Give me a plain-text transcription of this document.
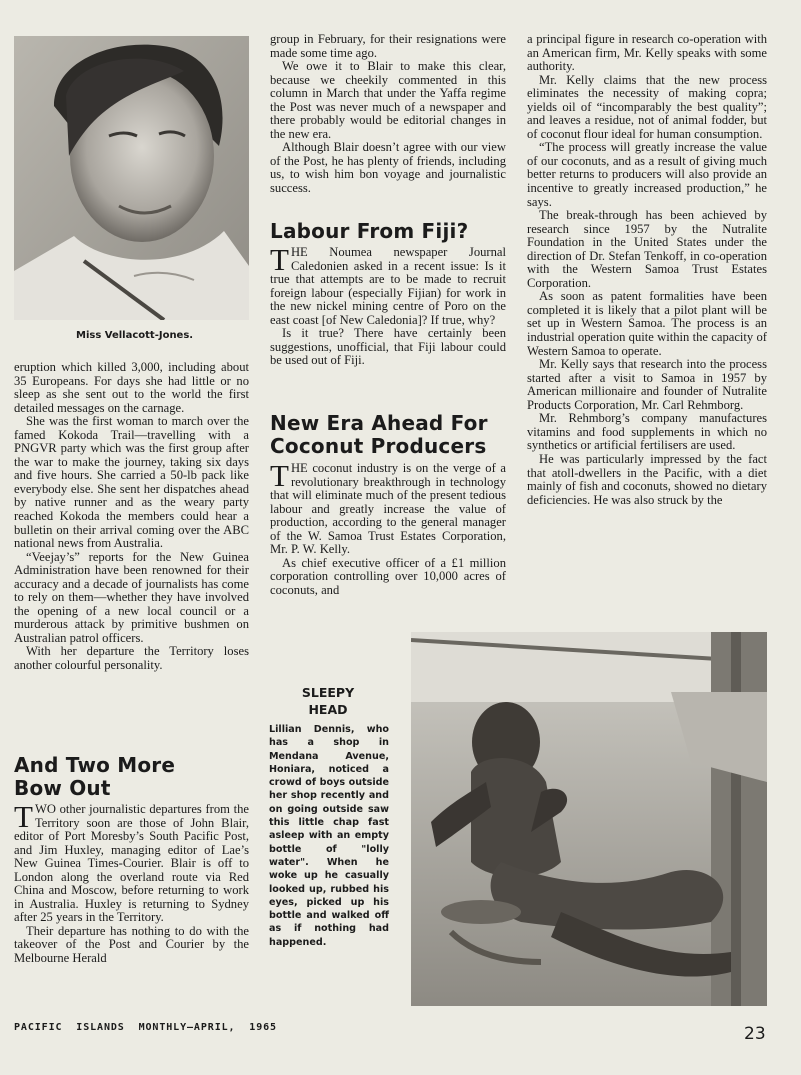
Miss Vellacott-Jones.

eruption which killed 3,000, including about 35 Europeans. For days she had little or no sleep as she sent out to the world the first detailed messages on the carnage.

She was the first woman to march over the famed Kokoda Trail—travelling with a PNGVR party which was the first group after the war to make the journey, taking six days and five hours. She carried a 50-lb pack like everybody else. She sent her dispatches ahead by native runner and as the weary party reached Kokoda the members could hear a bulletin on their arrival coming over the ABC national news from Australia.

“Veejay’s” reports for the New Guinea Administration have been renowned for their accuracy and a decade of journalists has come to rely on them—whether they have involved the opening of a new local council or a murderous attack by primitive bushmen on Australian patrol officers.

With her departure the Territory loses another colourful personality.

And Two More
Bow Out

TWO other journalistic departures from the Territory soon are those of John Blair, editor of Port Moresby’s South Pacific Post, and Jim Huxley, managing editor of Lae’s New Guinea Times-Courier. Blair is off to London along the overland route via Red China and Moscow, before returning to work in Australia. Huxley is returning to Sydney after 25 years in the Territory.

Their departure has nothing to do with the takeover of the Post and Courier by the Melbourne Herald

group in February, for their resignations were made some time ago.

We owe it to Blair to make this clear, because we cheekily commented in this column in March that under the Yaffa regime the Post was never much of a newspaper and there probably would be editorial changes in the new era.

Although Blair doesn’t agree with our view of the Post, he has plenty of friends, including us, to wish him bon voyage and journalistic success.

Labour From Fiji?

THE Noumea newspaper Journal Caledonien asked in a recent issue: Is it true that attempts are to be made to recruit foreign labour (especially Fijian) for work in the new nickel mining centre of Poro on the east coast [of New Caledonia]? If true, why?

Is it true? There have certainly been suggestions, unofficial, that Fiji labour could be used out of Fiji.

New Era Ahead For
Coconut Producers

THE coconut industry is on the verge of a revolutionary breakthrough in technology that will eliminate much of the present tedious labour and greatly increase the value of production, according to the general manager of the W. Samoa Trust Estates Corporation, Mr. P. W. Kelly.

As chief executive officer of a £1 million corporation controlling over 10,000 acres of coconuts, and

a principal figure in research co-operation with an American firm, Mr. Kelly speaks with some authority.

Mr. Kelly claims that the new process eliminates the necessity of making copra; yields oil of “incomparably the best quality”; and leaves a residue, not of animal fodder, but of coconut flour ideal for human consumption.

“The process will greatly increase the value of our coconuts, and as a result of giving much better returns to producers will also provide an incentive to greatly increased production,” he says.

The break-through has been achieved by research since 1957 by the Nutralite Foundation in the United States under the direction of Dr. Stefan Tenkoff, in co-operation with the Western Samoa Trust Estates Corporation.

As soon as patent formalities have been completed it is likely that a pilot plant will be set up in Western Samoa. The process is an industrial operation quite within the capacity of Western Samoa to operate.

Mr. Kelly says that research into the process started after a visit to Samoa in 1957 by American millionaire and founder of Nutralite Products Corporation, Mr. Carl Rehmborg.

Mr. Rehmborg’s company manufactures vitamins and food supplements in which no synthetics or artificial fertilisers are used.

He was particularly impressed by the fact that atoll-dwellers in the Pacific, with a diet mainly of fish and coconuts, showed no dietary deficiencies. He was also struck by the

SLEEPY
HEAD
Lillian Dennis, who has a shop in Mendana Avenue, Honiara, noticed a crowd of boys outside her shop recently and on going outside saw this little chap fast asleep with an empty bottle of "lolly water". When he woke up he casually looked up, rubbed his eyes, picked up his bottle and walked off as if nothing had happened.
PACIFIC  ISLANDS  MONTHLY—APRIL,  1965	23
